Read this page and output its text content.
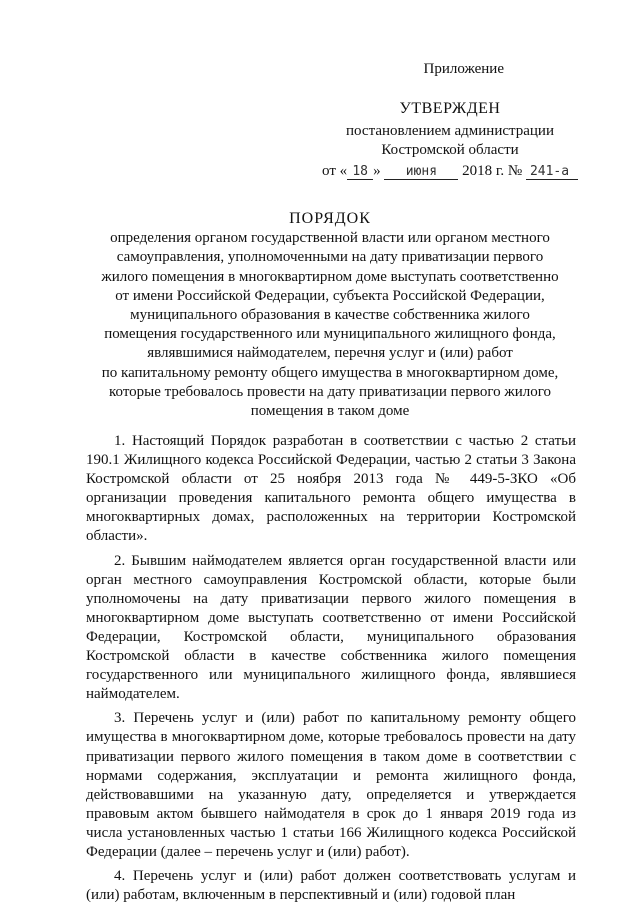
Приложение
УТВЕРЖДЕН
постановлением администрации
Костромской области
от « 18 » июня 2018 г. № 241-а
ПОРЯДОК
определения органом государственной власти или органом местного
самоуправления, уполномоченными на дату приватизации первого
жилого помещения в многоквартирном доме выступать соответственно
от имени Российской Федерации, субъекта Российской Федерации,
муниципального образования в качестве собственника жилого
помещения государственного или муниципального жилищного фонда,
являвшимися наймодателем, перечня услуг и (или) работ
по капитальному ремонту общего имущества в многоквартирном доме,
которые требовалось провести на дату приватизации первого жилого
помещения в таком доме

1. Настоящий Порядок разработан в соответствии с частью 2 статьи 190.1 Жилищного кодекса Российской Федерации, частью 2 статьи 3 Закона Костромской области от 25 ноября 2013 года № 449-5-ЗКО «Об организации проведения капитального ремонта общего имущества в многоквартирных домах, расположенных на территории Костромской области».

2. Бывшим наймодателем является орган государственной власти или орган местного самоуправления Костромской области, которые были уполномочены на дату приватизации первого жилого помещения в многоквартирном доме выступать соответственно от имени Российской Федерации, Костромской области, муниципального образования Костромской области в качестве собственника жилого помещения государственного или муниципального жилищного фонда, являвшиеся наймодателем.

3. Перечень услуг и (или) работ по капитальному ремонту общего имущества в многоквартирном доме, которые требовалось провести на дату приватизации первого жилого помещения в таком доме в соответствии с нормами содержания, эксплуатации и ремонта жилищного фонда, действовавшими на указанную дату, определяется и утверждается правовым актом бывшего наймодателя в срок до 1 января 2019 года из числа установленных частью 1 статьи 166 Жилищного кодекса Российской Федерации (далее – перечень услуг и (или) работ).

4. Перечень услуг и (или) работ должен соответствовать услугам и (или) работам, включенным в перспективный и (или) годовой план
